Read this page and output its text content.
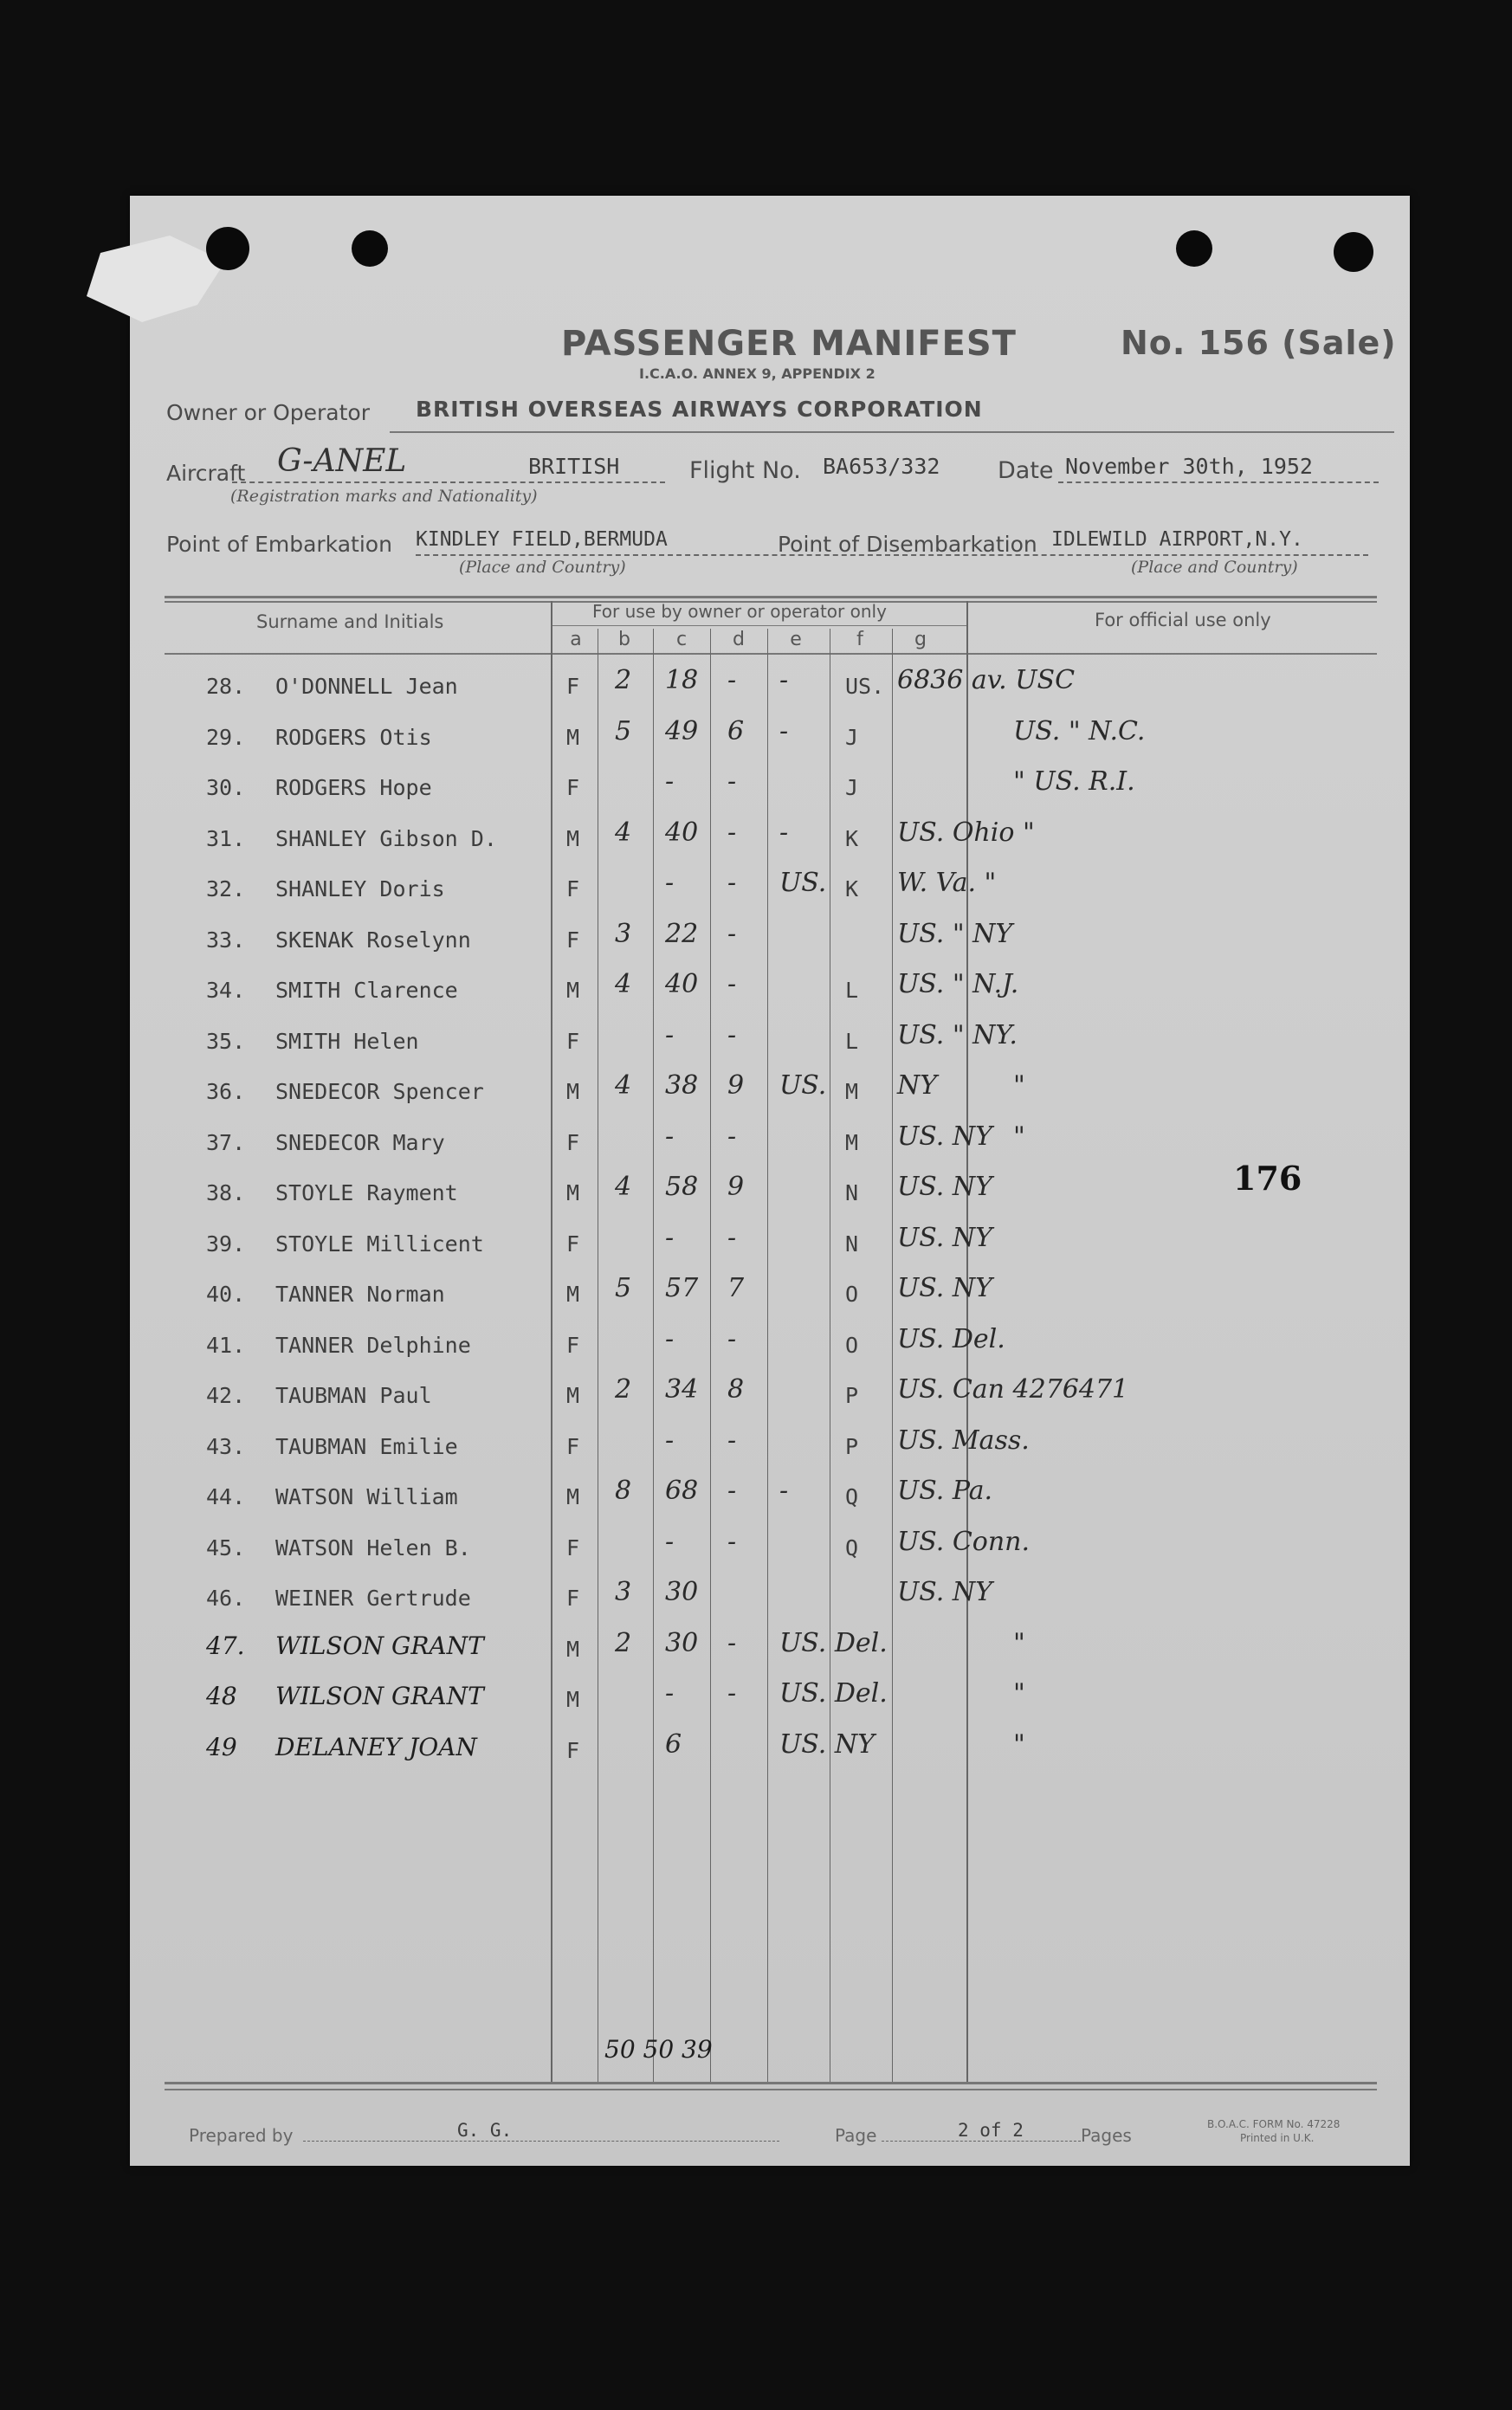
PASSENGER MANIFEST
I.C.A.O. ANNEX 9, APPENDIX 2
No. 156 (Sale)
Owner or Operator BRITISH OVERSEAS AIRWAYS CORPORATION
Aircraft G-ANEL	BRITISH
(Registration marks and Nationality)
Flight No. BA653/332 Date November 30th, 1952
Point of Embarkation KINDLEY FIELD,BERMUDA
(Place and Country)
Point of Disembarkation IDLEWILD AIRPORT,N.Y.
(Place and Country)
Surname and Initials	For use by owner or operator only	For official use only
a	b	c	d	e	f	g
28. O'DONNELL Jean	F 2 18 - -	US. 6836 av. USC
29. RODGERS Otis	M 5 49 6 -	J	US. " N.C.
30. RODGERS Hope	F	- -	J	" US. R.I.
31. SHANLEY Gibson D.	M 4 40 - -	K US. Ohio "
32. SHANLEY Doris	F	- - US. K W. Va. "
33. SKENAK Roselynn	F 3 22 -	US. " NY
34. SMITH Clarence	M 4 40 -	L US. " N.J.
35. SMITH Helen	F	- -	L US. " NY.
36. SNEDECOR Spencer	M 4 38 9 US. M NY	"
37. SNEDECOR Mary	F	- -	M US. NY "
38. STOYLE Rayment	M 4 58 9	N US. NY
39. STOYLE Millicent	F	- -	N US. NY
40. TANNER Norman	M 5 57 7	O US. NY
41. TANNER Delphine	F	- -	O US. Del.
42. TAUBMAN Paul	M 2 34 8	P US. Can 4276471
43. TAUBMAN Emilie	F	- -	P US. Mass.
44. WATSON William	M 8 68 - -	Q US. Pa.
45. WATSON Helen B.	F	- -	Q US. Conn.
46. WEINER Gertrude	F 3 30	US. NY
47. WILSON GRANT	M 2 30 - US. Del.	"
48 WILSON GRANT	M	- - US. Del.	"
49 DELANEY JOAN	F	6	US. NY	"
176
50 50 39
Prepared by	G. G.	Page	2 of 2	Pages
B.O.A.C. FORM No. 47228
Printed in U.K.
